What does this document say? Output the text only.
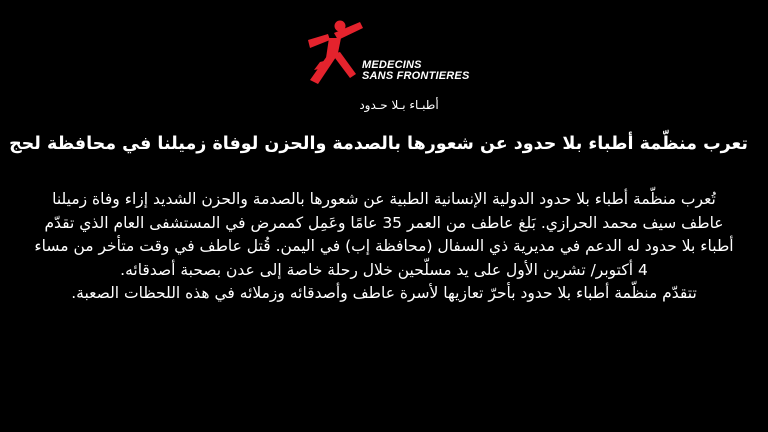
MEDECINS
SANS FRONTIERES
أطبـاء بـلا حـدود
تعرب منظّمة أطباء بلا حدود عن شعورها بالصدمة والحزن لوفاة زميلنا في محافظة لحج

تُعرب منظّمة أطباء بلا حدود الدولية الإنسانية الطبية عن شعورها بالصدمة والحزن الشديد إزاء وفاة زميلنا عاطف سيف محمد الحرازي. بَلغ عاطف من العمر 35 عامًا وعَمِل كممرض في المستشفى العام الذي تقدّم أطباء بلا حدود له الدعم في مديرية ذي السفال (محافظة إب) في اليمن. قُتل عاطف في وقت متأخر من مساء 4 أكتوبر/ تشرين الأول على يد مسلّحين خلال رحلة خاصة إلى عدن بصحبة أصدقائه.

تتقدّم منظّمة أطباء بلا حدود بأحرّ تعازيها لأسرة عاطف وأصدقائه وزملائه في هذه اللحظات الصعبة.
